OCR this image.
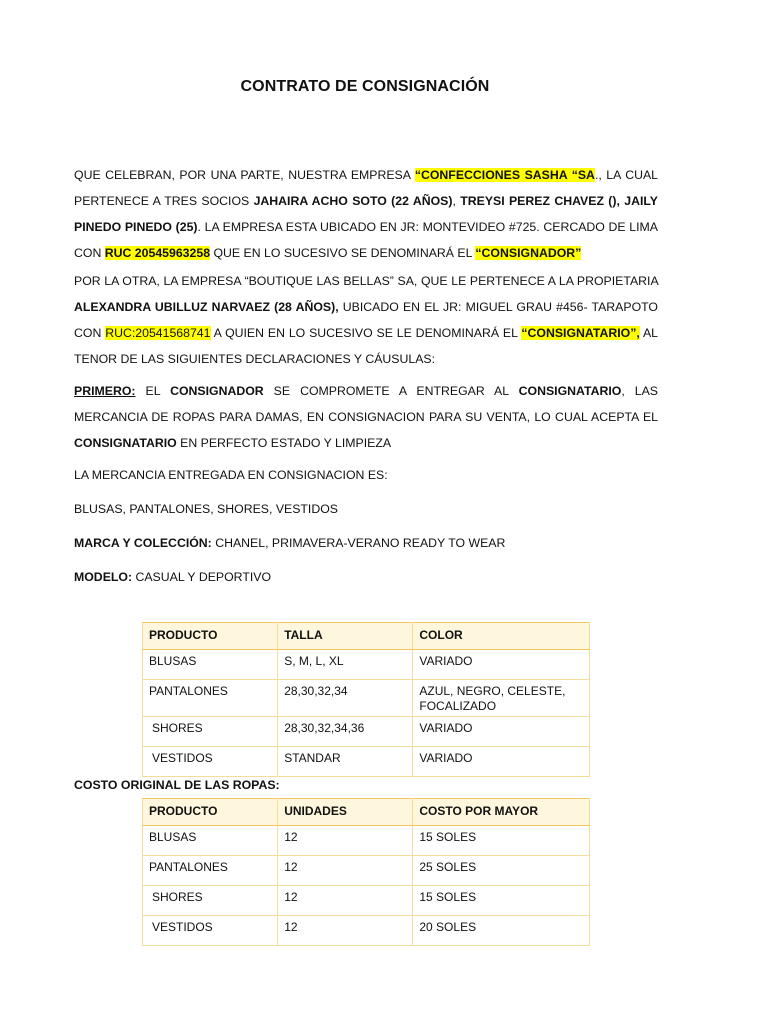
CONTRATO DE CONSIGNACIÓN

QUE CELEBRAN, POR UNA PARTE, NUESTRA EMPRESA “CONFECCIONES SASHA “SA., LA CUAL PERTENECE A TRES SOCIOS JAHAIRA ACHO SOTO (22 AÑOS), TREYSI PEREZ CHAVEZ (), JAILY PINEDO PINEDO (25). LA EMPRESA ESTA UBICADO EN JR: MONTEVIDEO #725. CERCADO DE LIMA CON RUC 20545963258 QUE EN LO SUCESIVO SE DENOMINARÁ EL “CONSIGNADOR”

POR LA OTRA, LA EMPRESA “BOUTIQUE LAS BELLAS” SA, QUE LE PERTENECE A LA PROPIETARIA ALEXANDRA UBILLUZ NARVAEZ (28 AÑOS), UBICADO EN EL JR: MIGUEL GRAU #456- TARAPOTO CON RUC:20541568741 A QUIEN EN LO SUCESIVO SE LE DENOMINARÁ EL “CONSIGNATARIO”, AL TENOR DE LAS SIGUIENTES DECLARACIONES Y CÁUSULAS:

PRIMERO: EL CONSIGNADOR SE COMPROMETE A ENTREGAR AL CONSIGNATARIO, LAS MERCANCIA DE ROPAS PARA DAMAS, EN CONSIGNACION PARA SU VENTA, LO CUAL ACEPTA EL CONSIGNATARIO EN PERFECTO ESTADO Y LIMPIEZA

LA MERCANCIA ENTREGADA EN CONSIGNACION ES:

BLUSAS, PANTALONES, SHORES, VESTIDOS

MARCA Y COLECCIÓN: CHANEL, PRIMAVERA-VERANO READY TO WEAR

MODELO: CASUAL Y DEPORTIVO

PRODUCTO	TALLA	COLOR
BLUSAS	S, M, L, XL	VARIADO
PANTALONES	28,30,32,34	AZUL, NEGRO, CELESTE, FOCALIZADO
SHORES	28,30,32,34,36	VARIADO
VESTIDOS	STANDAR	VARIADO

COSTO ORIGINAL DE LAS ROPAS:

PRODUCTO	UNIDADES	COSTO POR MAYOR
BLUSAS	12	15 SOLES
PANTALONES	12	25 SOLES
SHORES	12	15 SOLES
VESTIDOS	12	20 SOLES
